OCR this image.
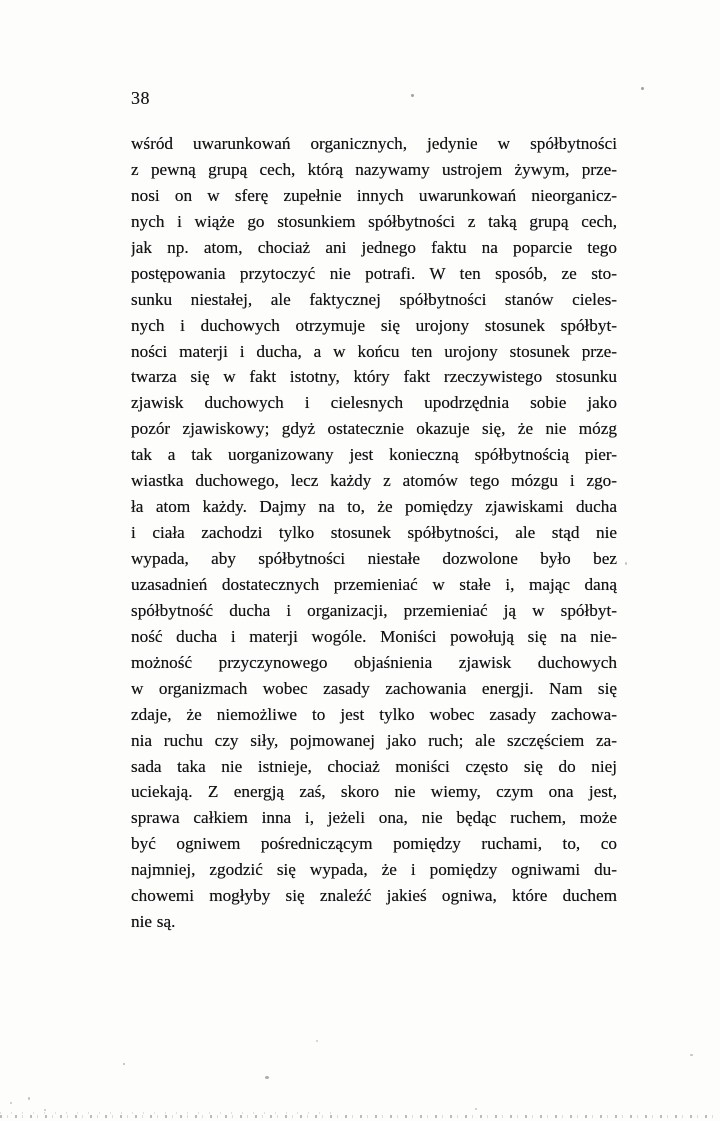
38
wśród uwarunkowań organicznych, jedynie w spółbytności
z pewną grupą cech, którą nazywamy ustrojem żywym, prze-
nosi on w sferę zupełnie innych uwarunkowań nieorganicz-
nych i wiąże go stosunkiem spółbytności z taką grupą cech,
jak np. atom, chociaż ani jednego faktu na poparcie tego
postępowania przytoczyć nie potrafi. W ten sposób, ze sto-
sunku niestałej, ale faktycznej spółbytności stanów cieles-
nych i duchowych otrzymuje się urojony stosunek spółbyt-
ności materji i ducha, a w końcu ten urojony stosunek prze-
twarza się w fakt istotny, który fakt rzeczywistego stosunku
zjawisk duchowych i cielesnych upodrzędnia sobie jako
pozór zjawiskowy; gdyż ostatecznie okazuje się, że nie mózg
tak a tak uorganizowany jest konieczną spółbytnością pier-
wiastka duchowego, lecz każdy z atomów tego mózgu i zgo-
ła atom każdy. Dajmy na to, że pomiędzy zjawiskami ducha
i ciała zachodzi tylko stosunek spółbytności, ale stąd nie
wypada, aby spółbytności niestałe dozwolone było bez
uzasadnień dostatecznych przemieniać w stałe i, mając daną
spółbytność ducha i organizacji, przemieniać ją w spółbyt-
ność ducha i materji wogóle. Moniści powołują się na nie-
możność przyczynowego objaśnienia zjawisk duchowych
w organizmach wobec zasady zachowania energji. Nam się
zdaje, że niemożliwe to jest tylko wobec zasady zachowa-
nia ruchu czy siły, pojmowanej jako ruch; ale szczęściem za-
sada taka nie istnieje, chociaż moniści często się do niej
uciekają. Z energją zaś, skoro nie wiemy, czym ona jest,
sprawa całkiem inna i, jeżeli ona, nie będąc ruchem, może
być ogniwem pośredniczącym pomiędzy ruchami, to, co
najmniej, zgodzić się wypada, że i pomiędzy ogniwami du-
chowemi mogłyby się znaleźć jakieś ogniwa, które duchem
nie są.
